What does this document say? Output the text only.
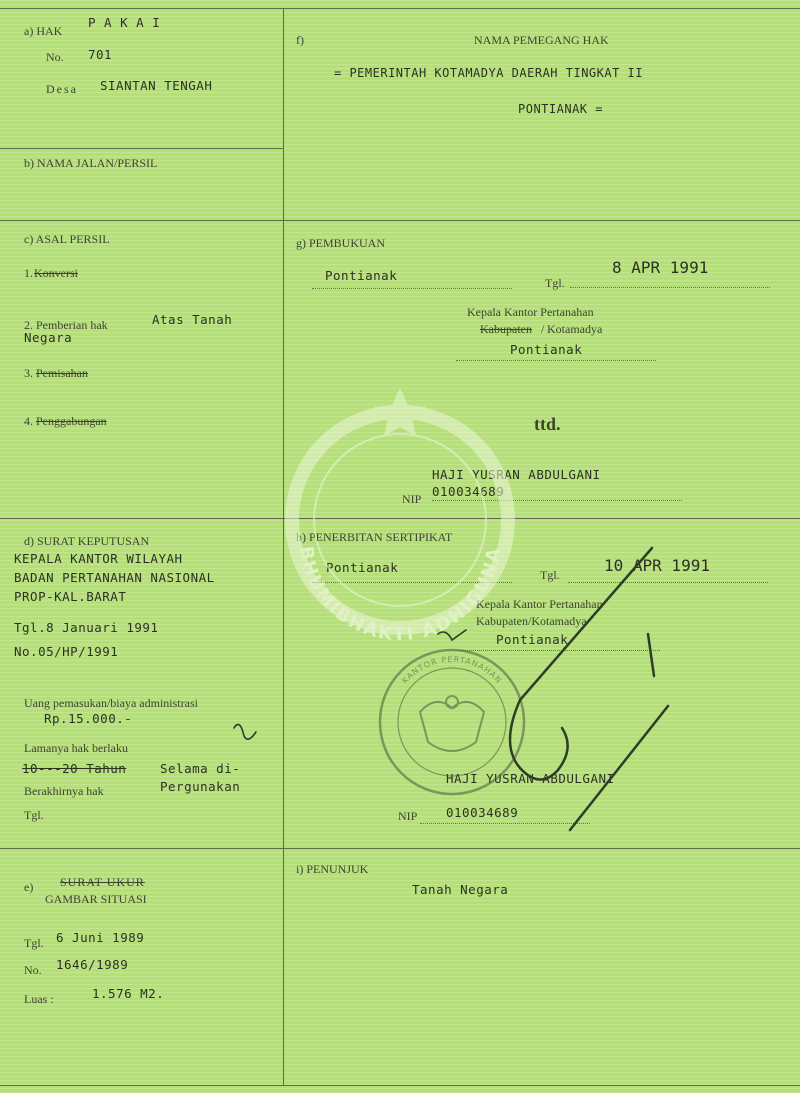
a) HAK
P A K A I
No. 701
Desa SIANTAN TENGAH
b) NAMA JALAN/PERSIL
c) ASAL PERSIL
1. Konversi
2. Pemberian hak	Atas Tanah
Negara
3. Pemisahan
4. Penggabungan
d) SURAT KEPUTUSAN
KEPALA KANTOR WILAYAH
BADAN PERTANAHAN NASIONAL
PROP-KAL.BARAT
Tgl.8 Januari 1991
No.05/HP/1991
Uang pemasukan/biaya administrasi
Rp.15.000.-
Lamanya hak berlaku
10---20 Tahun	Selama di-
Pergunakan
Berakhirnya hak
Tgl.
e) SURAT UKUR
GAMBAR SITUASI
Tgl. 6 Juni 1989
No. 1646/1989
Luas :	1.576 M2.
f)	NAMA PEMEGANG HAK
= PEMERINTAH KOTAMADYA DAERAH TINGKAT II
PONTIANAK =
g) PEMBUKUAN
Pontianak	Tgl.
8 APR 1991
Kepala Kantor Pertanahan
Kabupaten / Kotamadya
Pontianak
ttd.
HAJI YUSRAN ABDULGANI
NIP 010034689
h) PENERBITAN SERTIPIKAT
Pontianak	Tgl.	10 APR 1991
Kepala Kantor Pertanahan
Kabupaten/Kotamadya
Pontianak
HAJI YUSRAN ABDULGANI
NIP 010034689
i) PENUNJUK
Tanah Negara
BHUMIBHAKTI ADHIGUNA
KANTOR PERTANAHAN
